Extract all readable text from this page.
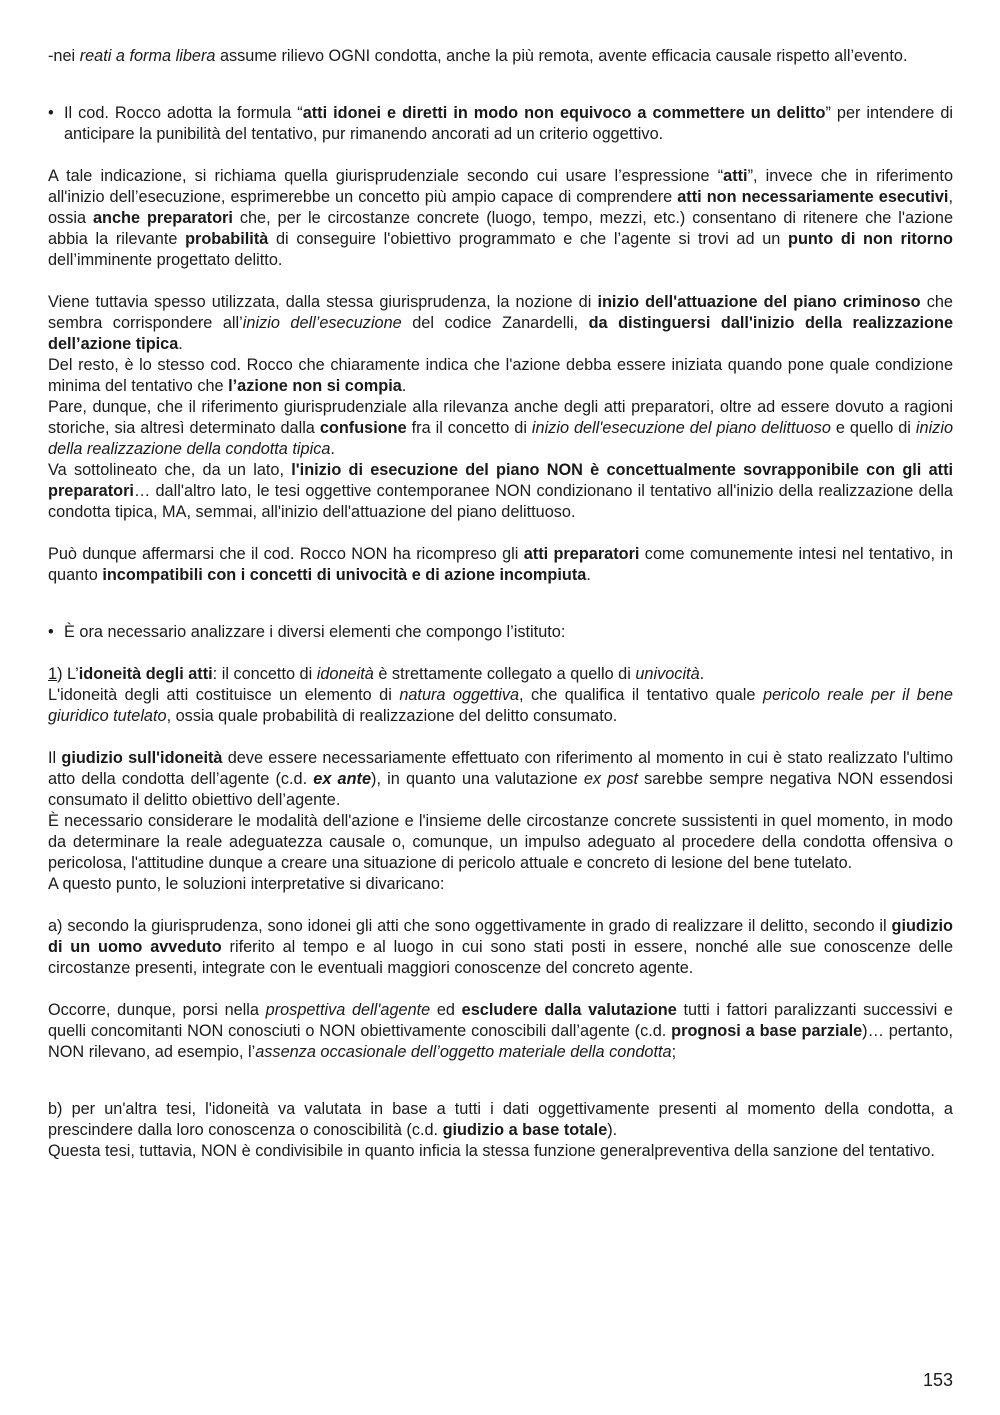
-nei reati a forma libera assume rilievo OGNI condotta, anche la più remota, avente efficacia causale rispetto all’evento.

• Il cod. Rocco adotta la formula “atti idonei e diretti in modo non equivoco a commettere un delitto” per intendere di anticipare la punibilità del tentativo, pur rimanendo ancorati ad un criterio oggettivo.

A tale indicazione, si richiama quella giurisprudenziale secondo cui usare l’espressione “atti”, invece che in riferimento all'inizio dell’esecuzione, esprimerebbe un concetto più ampio capace di comprendere atti non necessariamente esecutivi, ossia anche preparatori che, per le circostanze concrete (luogo, tempo, mezzi, etc.) consentano di ritenere che l'azione abbia la rilevante probabilità di conseguire l'obiettivo programmato e che l’agente si trovi ad un punto di non ritorno dell’imminente progettato delitto.

Viene tuttavia spesso utilizzata, dalla stessa giurisprudenza, la nozione di inizio dell'attuazione del piano criminoso che sembra corrispondere all’inizio dell’esecuzione del codice Zanardelli, da distinguersi dall'inizio della realizzazione dell’azione tipica.

Del resto, è lo stesso cod. Rocco che chiaramente indica che l'azione debba essere iniziata quando pone quale condizione minima del tentativo che l’azione non si compia.

Pare, dunque, che il riferimento giurisprudenziale alla rilevanza anche degli atti preparatori, oltre ad essere dovuto a ragioni storiche, sia altresì determinato dalla confusione fra il concetto di inizio dell'esecuzione del piano delittuoso e quello di inizio della realizzazione della condotta tipica.

Va sottolineato che, da un lato, l'inizio di esecuzione del piano NON è concettualmente sovrapponibile con gli atti preparatori… dall'altro lato, le tesi oggettive contemporanee NON condizionano il tentativo all'inizio della realizzazione della condotta tipica, MA, semmai, all'inizio dell'attuazione del piano delittuoso.

Può dunque affermarsi che il cod. Rocco NON ha ricompreso gli atti preparatori come comunemente intesi nel tentativo, in quanto incompatibili con i concetti di univocità e di azione incompiuta.

• È ora necessario analizzare i diversi elementi che compongo l’istituto:

1) L’idoneità degli atti: il concetto di idoneità è strettamente collegato a quello di univocità.

L'idoneità degli atti costituisce un elemento di natura oggettiva, che qualifica il tentativo quale pericolo reale per il bene giuridico tutelato, ossia quale probabilità di realizzazione del delitto consumato.

Il giudizio sull'idoneità deve essere necessariamente effettuato con riferimento al momento in cui è stato realizzato l'ultimo atto della condotta dell’agente (c.d. ex ante), in quanto una valutazione ex post sarebbe sempre negativa NON essendosi consumato il delitto obiettivo dell’agente.

È necessario considerare le modalità dell'azione e l'insieme delle circostanze concrete sussistenti in quel momento, in modo da determinare la reale adeguatezza causale o, comunque, un impulso adeguato al procedere della condotta offensiva o pericolosa, l'attitudine dunque a creare una situazione di pericolo attuale e concreto di lesione del bene tutelato.

A questo punto, le soluzioni interpretative si divaricano:

a) secondo la giurisprudenza, sono idonei gli atti che sono oggettivamente in grado di realizzare il delitto, secondo il giudizio di un uomo avveduto riferito al tempo e al luogo in cui sono stati posti in essere, nonché alle sue conoscenze delle circostanze presenti, integrate con le eventuali maggiori conoscenze del concreto agente.

Occorre, dunque, porsi nella prospettiva dell'agente ed escludere dalla valutazione tutti i fattori paralizzanti successivi e quelli concomitanti NON conosciuti o NON obiettivamente conoscibili dall’agente (c.d. prognosi a base parziale)… pertanto, NON rilevano, ad esempio, l’assenza occasionale dell’oggetto materiale della condotta;

b) per un'altra tesi, l'idoneità va valutata in base a tutti i dati oggettivamente presenti al momento della condotta, a prescindere dalla loro conoscenza o conoscibilità (c.d. giudizio a base totale).

Questa tesi, tuttavia, NON è condivisibile in quanto inficia la stessa funzione generalpreventiva della sanzione del tentativo.

153
